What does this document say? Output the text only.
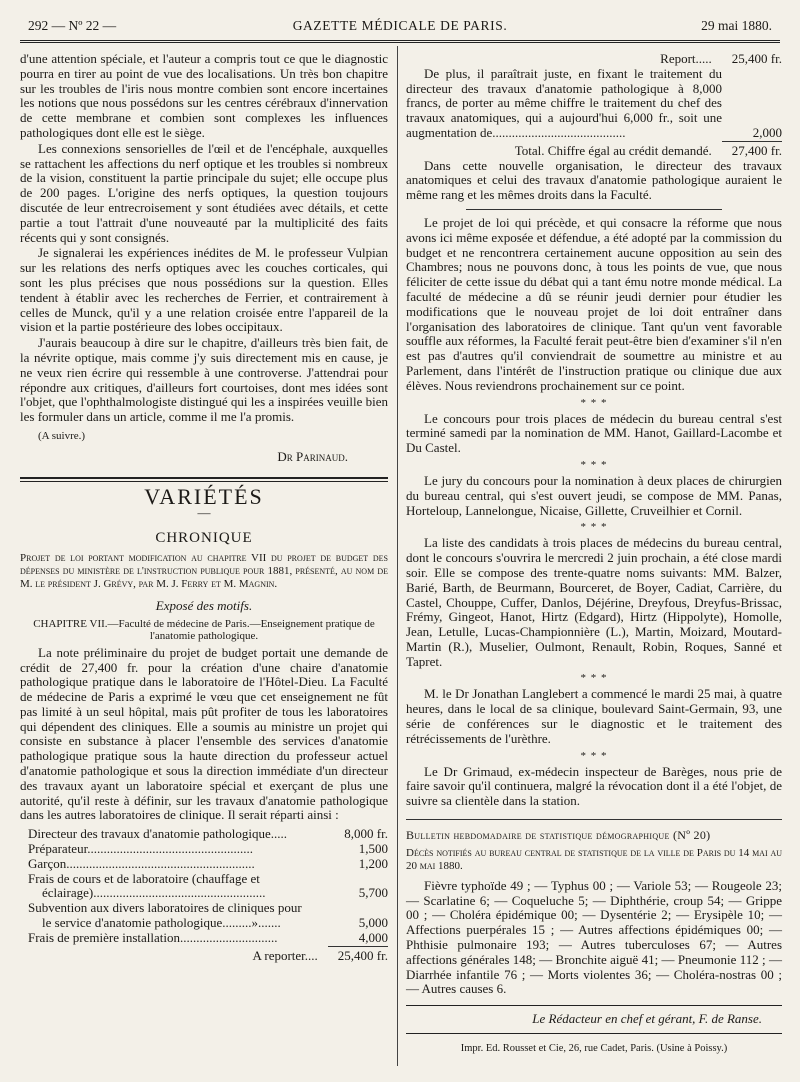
292 — Nº 22 —	GAZETTE MÉDICALE DE PARIS.	29 mai 1880.

d'une attention spéciale, et l'auteur a compris tout ce que le diagnostic pourra en tirer au point de vue des localisations. Un très bon chapitre sur les troubles de l'iris nous montre combien sont encore incertaines les notions que nous possédons sur les centres cérébraux d'innervation de cette membrane et combien sont complexes les influences pathologiques dont elle est le siège.

Les connexions sensorielles de l'œil et de l'encéphale, auxquelles se rattachent les affections du nerf optique et les troubles si nombreux de la vision, constituent la partie principale du sujet; elle occupe plus de 200 pages. L'origine des nerfs optiques, la question toujours discutée de leur entrecroisement y sont étudiées avec détails, et cette partie a tout l'attrait d'une nouveauté par la multiplicité des faits récents qui y sont consignés.

Je signalerai les expériences inédites de M. le professeur Vulpian sur les relations des nerfs optiques avec les couches corticales, qui sont les plus précises que nous possédions sur la question. Elles tendent à établir avec les recherches de Ferrier, et contrairement à celles de Munck, qu'il y a une relation croisée entre l'appareil de la vision et la partie postérieure des lobes occipitaux.

J'aurais beaucoup à dire sur le chapitre, d'ailleurs très bien fait, de la névrite optique, mais comme j'y suis directement mis en cause, je ne veux rien écrire qui ressemble à une controverse. J'attendrai pour répondre aux critiques, d'ailleurs fort courtoises, dont mes idées sont l'objet, que l'ophthalmologiste distingué qui les a inspirées veuille bien les formuler dans un article, comme il me l'a promis.

(A suivre.)

Dr Parinaud.
VARIÉTÉS
—
CHRONIQUE

Projet de loi portant modification au chapitre VII du projet de budget des dépenses du ministère de l'instruction publique pour 1881, présenté, au nom de M. le président J. Grévy, par M. J. Ferry et M. Magnin.

Exposé des motifs.

CHAPITRE VII.—Faculté de médecine de Paris.—Enseignement pratique de l'anatomie pathologique.

La note préliminaire du projet de budget portait une demande de crédit de 27,400 fr. pour la création d'une chaire d'anatomie pathologique pratique dans le laboratoire de l'Hôtel-Dieu. La Faculté de médecine de Paris a exprimé le vœu que cet enseignement ne fût pas limité à un seul hôpital, mais pût profiter de tous les laboratoires qui dépendent des cliniques. Elle a soumis au ministre un projet qui consiste en substance à placer l'ensemble des services d'anatomie pathologique pratique sous la haute direction du professeur actuel d'anatomie pathologique et sous la direction immédiate d'un directeur des travaux ayant un laboratoire spécial et exerçant de plus une autorité, qu'il reste à définir, sur les travaux d'anatomie pathologique dans les autres laboratoires de clinique. Il serait réparti ainsi :

Directeur des travaux d'anatomie pathologique.....	8,000 fr.
Préparateur...................................................	1,500
Garçon..........................................................	1,200
Frais de cours et de laboratoire (chauffage et
éclairage).....................................................	5,700
Subvention aux divers laboratoires de cliniques pour
le service d'anatomie pathologique.........».......	5,000
Frais de première installation..............................	4,000
A reporter.... 25,400 fr.
Report..... 25,400 fr.

De plus, il paraîtrait juste, en fixant le traitement du directeur des travaux d'anatomie pathologique à 8,000 francs, de porter au même chiffre le traitement du chef des travaux anatomiques, qui a aujourd'hui 6,000 fr., soit une augmentation de.........................................	2,000
Total. Chiffre égal au crédit demandé. 27,400 fr.

Dans cette nouvelle organisation, le directeur des travaux anatomiques et celui des travaux d'anatomie pathologique auraient le même rang et les mêmes droits dans la Faculté.

Le projet de loi qui précède, et qui consacre la réforme que nous avons ici même exposée et défendue, a été adopté par la commission du budget et ne rencontrera certainement aucune opposition au sein des Chambres; nous ne pouvons donc, à tous les points de vue, que nous féliciter de cette issue du débat qui a tant ému notre monde médical. La faculté de médecine a dû se réunir jeudi dernier pour étudier les modifications que le nouveau projet de loi doit entraîner dans l'organisation des laboratoires de clinique. Tant qu'un vent favorable souffle aux réformes, la Faculté ferait peut-être bien d'examiner s'il n'en est pas d'autres qu'il conviendrait de soumettre au ministre et au Parlement, dans l'intérêt de l'instruction pratique ou clinique due aux élèves. Nous reviendrons prochainement sur ce point.

* * *

Le concours pour trois places de médecin du bureau central s'est terminé samedi par la nomination de MM. Hanot, Gaillard-Lacombe et Du Castel.

* * *

Le jury du concours pour la nomination à deux places de chirurgien du bureau central, qui s'est ouvert jeudi, se compose de MM. Panas, Horteloup, Lannelongue, Nicaise, Gillette, Cruveilhier et Cornil.

* * *

La liste des candidats à trois places de médecins du bureau central, dont le concours s'ouvrira le mercredi 2 juin prochain, a été close mardi soir. Elle se compose des trente-quatre noms suivants: MM. Balzer, Barié, Barth, de Beurmann, Bourceret, de Boyer, Cadiat, Carrière, du Castel, Chouppe, Cuffer, Danlos, Déjérine, Dreyfous, Dreyfus-Brissac, Frémy, Gingeot, Hanot, Hirtz (Edgard), Hirtz (Hippolyte), Homolle, Jean, Letulle, Lucas-Championnière (L.), Martin, Moizard, Moutard-Martin (R.), Muselier, Oulmont, Renault, Robin, Roques, Sanné et Tapret.

* * *

M. le Dr Jonathan Langlebert a commencé le mardi 25 mai, à quatre heures, dans le local de sa clinique, boulevard Saint-Germain, 93, une série de conférences sur le diagnostic et le traitement des rétrécissements de l'urèthre.

* * *

Le Dr Grimaud, ex-médecin inspecteur de Barèges, nous prie de faire savoir qu'il continuera, malgré la révocation dont il a été l'objet, de suivre sa clientèle dans la station.

Bulletin hebdomadaire de statistique démographique (Nº 20)

Décès notifiés au bureau central de statistique de la ville de Paris du 14 mai au 20 mai 1880.

Fièvre typhoïde 49 ; — Typhus 00 ; — Variole 53; — Rougeole 23; — Scarlatine 6; — Coqueluche 5; — Diphthérie, croup 54; — Grippe 00 ; — Choléra épidémique 00; — Dysentérie 2; — Erysipèle 10; — Affections puerpérales 15 ; — Autres affections épidémiques 00; — Phthisie pulmonaire 193; — Autres tuberculoses 67; — Autres affections générales 148; — Bronchite aiguë 41; — Pneumonie 112 ; — Diarrhée infantile 76 ; — Morts violentes 36; — Choléra-nostras 00 ; — Autres causes 6.

Le Rédacteur en chef et gérant, F. de Ranse.

Impr. Ed. Rousset et Cie, 26, rue Cadet, Paris. (Usine à Poissy.)
